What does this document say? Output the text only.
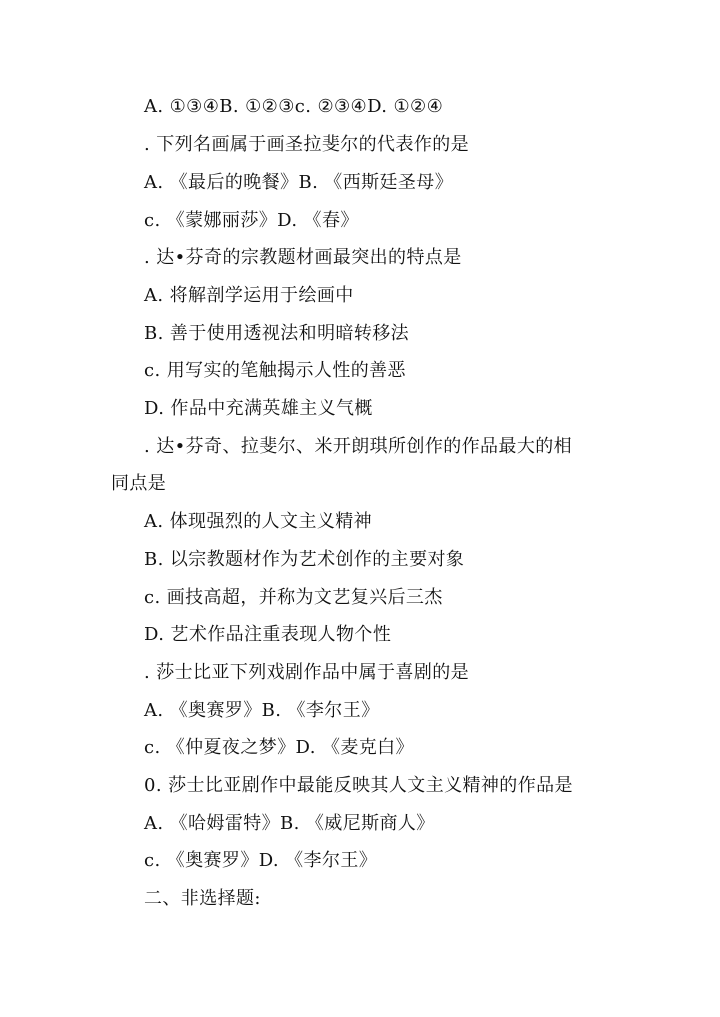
A. ①③④B. ①②③c. ②③④D. ①②④
. 下列名画属于画圣拉斐尔的代表作的是
A. 《最后的晚餐》B. 《西斯廷圣母》
c. 《蒙娜丽莎》D. 《春》
. 达•芬奇的宗教题材画最突出的特点是
A. 将解剖学运用于绘画中
B. 善于使用透视法和明暗转移法
c. 用写实的笔触揭示人性的善恶
D. 作品中充满英雄主义气概
. 达•芬奇、拉斐尔、米开朗琪所创作的作品最大的相
同点是
A. 体现强烈的人文主义精神
B. 以宗教题材作为艺术创作的主要对象
c. 画技高超，并称为文艺复兴后三杰
D. 艺术作品注重表现人物个性
. 莎士比亚下列戏剧作品中属于喜剧的是
A. 《奥赛罗》B. 《李尔王》
c. 《仲夏夜之梦》D. 《麦克白》
0. 莎士比亚剧作中最能反映其人文主义精神的作品是
A. 《哈姆雷特》B. 《威尼斯商人》
c. 《奥赛罗》D. 《李尔王》
二、非选择题:
